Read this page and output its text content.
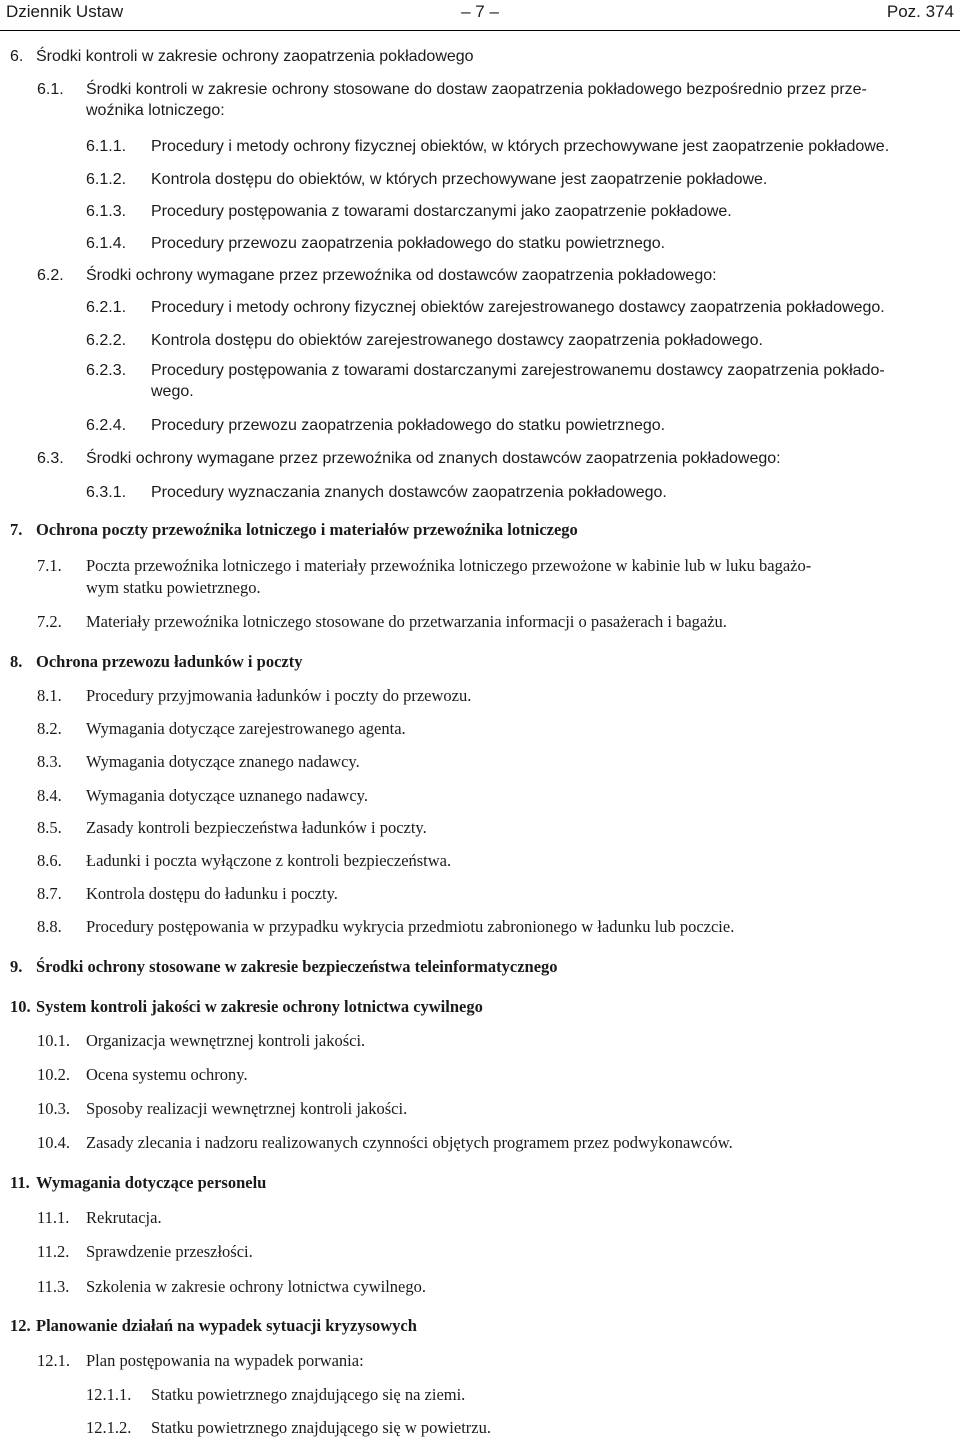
Dziennik Ustaw	– 7 –	Poz. 374
6. Środki kontroli w zakresie ochrony zaopatrzenia pokładowego
6.1. Środki kontroli w zakresie ochrony stosowane do dostaw zaopatrzenia pokładowego bezpośrednio przez prze-
woźnika lotniczego:
6.1.1. Procedury i metody ochrony fizycznej obiektów, w których przechowywane jest zaopatrzenie pokładowe.
6.1.2. Kontrola dostępu do obiektów, w których przechowywane jest zaopatrzenie pokładowe.
6.1.3. Procedury postępowania z towarami dostarczanymi jako zaopatrzenie pokładowe.
6.1.4. Procedury przewozu zaopatrzenia pokładowego do statku powietrznego.
6.2. Środki ochrony wymagane przez przewoźnika od dostawców zaopatrzenia pokładowego:
6.2.1. Procedury i metody ochrony fizycznej obiektów zarejestrowanego dostawcy zaopatrzenia pokładowego.
6.2.2. Kontrola dostępu do obiektów zarejestrowanego dostawcy zaopatrzenia pokładowego.
6.2.3. Procedury postępowania z towarami dostarczanymi zarejestrowanemu dostawcy zaopatrzenia pokłado-
wego.
6.2.4. Procedury przewozu zaopatrzenia pokładowego do statku powietrznego.
6.3. Środki ochrony wymagane przez przewoźnika od znanych dostawców zaopatrzenia pokładowego:
6.3.1. Procedury wyznaczania znanych dostawców zaopatrzenia pokładowego.
7. Ochrona poczty przewoźnika lotniczego i materiałów przewoźnika lotniczego
7.1. Poczta przewoźnika lotniczego i materiały przewoźnika lotniczego przewożone w kabinie lub w luku bagażo-
wym statku powietrznego.
7.2. Materiały przewoźnika lotniczego stosowane do przetwarzania informacji o pasażerach i bagażu.
8. Ochrona przewozu ładunków i poczty
8.1. Procedury przyjmowania ładunków i poczty do przewozu.
8.2. Wymagania dotyczące zarejestrowanego agenta.
8.3. Wymagania dotyczące znanego nadawcy.
8.4. Wymagania dotyczące uznanego nadawcy.
8.5. Zasady kontroli bezpieczeństwa ładunków i poczty.
8.6. Ładunki i poczta wyłączone z kontroli bezpieczeństwa.
8.7. Kontrola dostępu do ładunku i poczty.
8.8. Procedury postępowania w przypadku wykrycia przedmiotu zabronionego w ładunku lub poczcie.
9. Środki ochrony stosowane w zakresie bezpieczeństwa teleinformatycznego
10. System kontroli jakości w zakresie ochrony lotnictwa cywilnego
10.1. Organizacja wewnętrznej kontroli jakości.
10.2. Ocena systemu ochrony.
10.3. Sposoby realizacji wewnętrznej kontroli jakości.
10.4. Zasady zlecania i nadzoru realizowanych czynności objętych programem przez podwykonawców.
11. Wymagania dotyczące personelu
11.1. Rekrutacja.
11.2. Sprawdzenie przeszłości.
11.3. Szkolenia w zakresie ochrony lotnictwa cywilnego.
12. Planowanie działań na wypadek sytuacji kryzysowych
12.1. Plan postępowania na wypadek porwania:
12.1.1. Statku powietrznego znajdującego się na ziemi.
12.1.2. Statku powietrznego znajdującego się w powietrzu.
